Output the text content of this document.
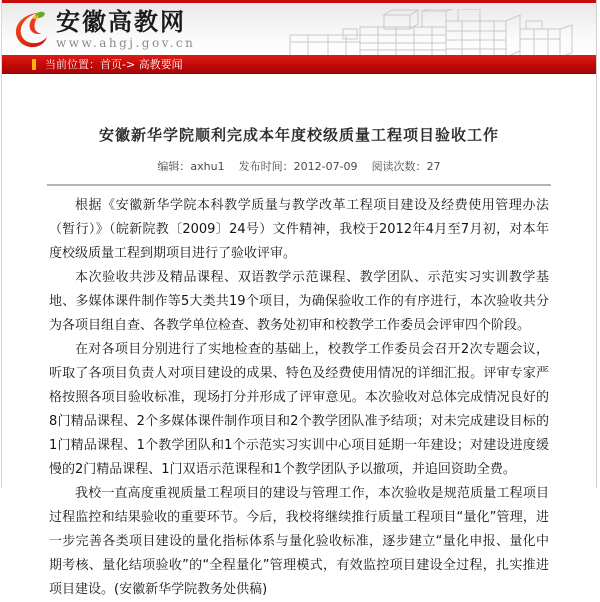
安徽高教网
www.ahgj.gov.cn
当前位置： 首页-> 高教要闻
安徽新华学院顺利完成本年度校级质量工程项目验收工作
编辑：axhu1 发布时间：2012-07-09 阅读次数：27

根据《安徽新华学院本科教学质量与教学改革工程项目建设及经费使用管理办法（暂行）》（皖新院教〔2009〕24号）文件精神，我校于2012年4月至7月初，对本年度校级质量工程到期项目进行了验收评审。

本次验收共涉及精品课程、双语教学示范课程、教学团队、示范实习实训教学基地、多媒体课件制作等5大类共19个项目，为确保验收工作的有序进行，本次验收共分为各项目组自查、各教学单位检查、教务处初审和校教学工作委员会评审四个阶段。

在对各项目分别进行了实地检查的基础上，校教学工作委员会召开2次专题会议，听取了各项目负责人对项目建设的成果、特色及经费使用情况的详细汇报。评审专家严格按照各项目验收标准，现场打分并形成了评审意见。本次验收对总体完成情况良好的8门精品课程、2个多媒体课件制作项目和2个教学团队准予结项；对未完成建设目标的1门精品课程、1个教学团队和1个示范实习实训中心项目延期一年建设；对建设进度缓慢的2门精品课程、1门双语示范课程和1个教学团队予以撤项，并追回资助全费。

我校一直高度重视质量工程项目的建设与管理工作，本次验收是规范质量工程项目过程监控和结果验收的重要环节。今后，我校将继续推行质量工程项目“量化”管理，进一步完善各类项目建设的量化指标体系与量化验收标准，逐步建立“量化申报、量化中期考核、量化结项验收”的“全程量化”管理模式，有效监控项目建设全过程，扎实推进项目建设。(安徽新华学院教务处供稿)
